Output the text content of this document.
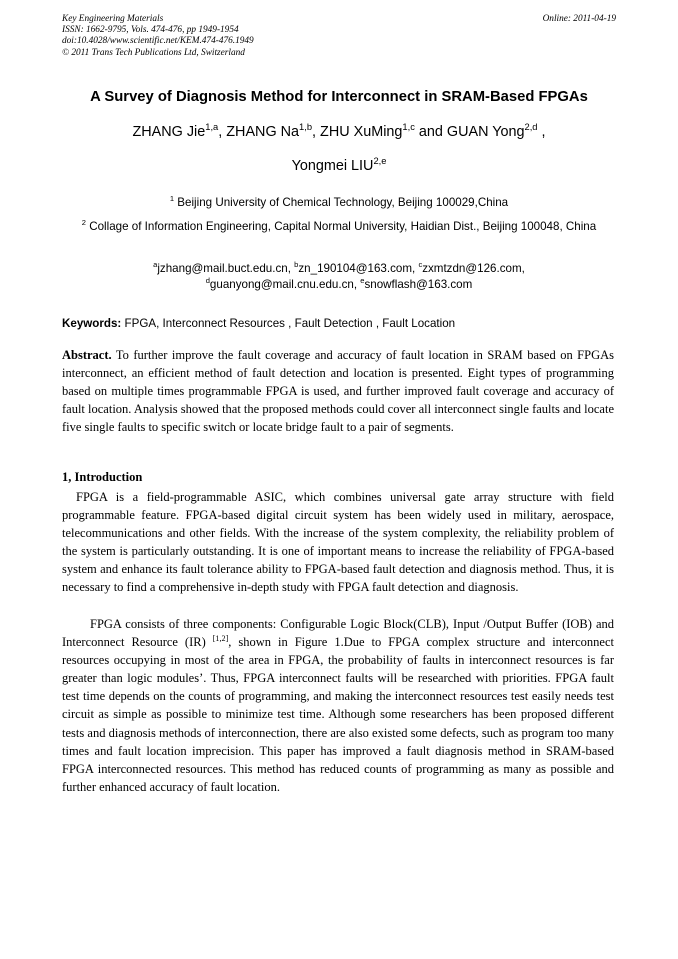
Key Engineering Materials
ISSN: 1662-9795, Vols. 474-476, pp 1949-1954
doi:10.4028/www.scientific.net/KEM.474-476.1949
© 2011 Trans Tech Publications Ltd, Switzerland
Online: 2011-04-19
A Survey of Diagnosis Method for Interconnect in SRAM-Based FPGAs
ZHANG Jie$^{1,a}$, ZHANG Na$^{1,b}$, ZHU XuMing$^{1,c}$ and GUAN Yong$^{2,d}$ ,
Yongmei LIU$^{2,e}$
$^1$ Beijing University of Chemical Technology, Beijing 100029,China
$^2$ Collage of Information Engineering, Capital Normal University, Haidian Dist., Beijing 100048, China
$^a$jzhang@mail.buct.edu.cn, $^b$zn_190104@163.com, $^c$zxmtzdn@126.com,
$^d$guanyong@mail.cnu.edu.cn, $^e$snowflash@163.com
Keywords: FPGA, Interconnect Resources , Fault Detection , Fault Location
Abstract. To further improve the fault coverage and accuracy of fault location in SRAM based on FPGAs interconnect, an efficient method of fault detection and location is presented. Eight types of programming based on multiple times programmable FPGA is used, and further improved fault coverage and accuracy of fault location. Analysis showed that the proposed methods could cover all interconnect single faults and locate five single faults to specific switch or locate bridge fault to a pair of segments.
1, Introduction
FPGA is a field-programmable ASIC, which combines universal gate array structure with field programmable feature. FPGA-based digital circuit system has been widely used in military, aerospace, telecommunications and other fields. With the increase of the system complexity, the reliability problem of the system is particularly outstanding. It is one of important means to increase the reliability of FPGA-based system and enhance its fault tolerance ability to FPGA-based fault detection and diagnosis method. Thus, it is necessary to find a comprehensive in-depth study with FPGA fault detection and diagnosis.
FPGA consists of three components: Configurable Logic Block(CLB), Input /Output Buffer (IOB) and Interconnect Resource (IR) [1,2], shown in Figure 1.Due to FPGA complex structure and interconnect resources occupying in most of the area in FPGA, the probability of faults in interconnect resources is far greater than logic modules’. Thus, FPGA interconnect faults will be researched with priorities. FPGA fault test time depends on the counts of programming, and making the interconnect resources test easily needs test circuit as simple as possible to minimize test time. Although some researchers has been proposed different tests and diagnosis methods of interconnection, there are also existed some defects, such as program too many times and fault location imprecision. This paper has improved a fault diagnosis method in SRAM-based FPGA interconnected resources. This method has reduced counts of programming as many as possible and further enhanced accuracy of fault location.
